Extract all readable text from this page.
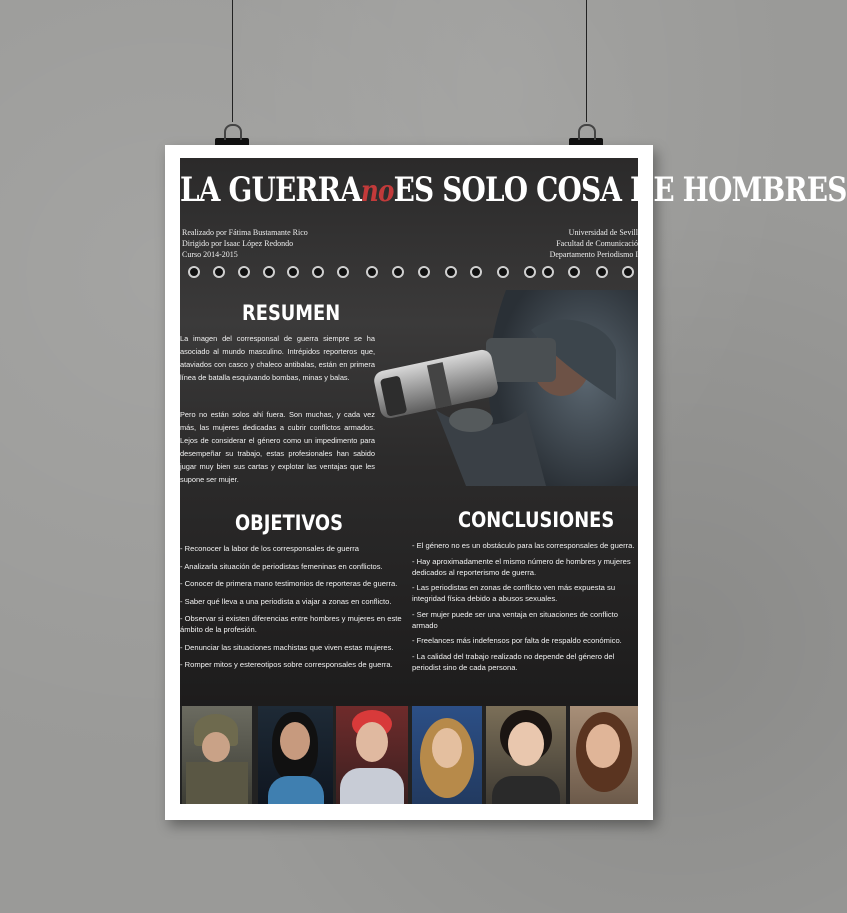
LA GUERRAnoES SOLO COSA DE HOMBRES
Realizado por Fátima Bustamante Rico
Dirigido por Isaac López Redondo
Curso 2014-2015
Universidad de Sevill
Facultad de Comunicació
Departamento Periodismo I
RESUMEN
La imagen del corresponsal de guerra siempre se ha asociado al mundo masculino. Intrépidos reporteros que, ataviados con casco y chaleco antibalas, están en primera línea de batalla esquivando bombas, minas y balas.
Pero no están solos ahí fuera. Son muchas, y cada vez más, las mujeres dedicadas a cubrir conflictos armados. Lejos de considerar el género como un impedimento para desempeñar su trabajo, estas profesionales han sabido jugar muy bien sus cartas y explotar las ventajas que les supone ser mujer.
OBJETIVOS
- Reconocer la labor de los corresponsales de guerra
- Analizarla situación de periodistas femeninas en conflictos.
- Conocer de primera mano testimonios de reporteras de guerra.
- Saber qué lleva a una periodista a viajar a zonas en conflicto.
- Observar si existen diferencias entre hombres y mujeres en este ámbito de la profesión.
- Denunciar las situaciones machistas que viven estas mujeres.
- Romper mitos y estereotipos sobre corresponsales de guerra.
CONCLUSIONES
- El género no es un obstáculo para las corresponsales de guerra.
- Hay aproximadamente el mismo número de hombres y mujeres dedicados al reporterismo de guerra.
- Las periodistas en zonas de conflicto ven más expuesta su integridad física debido a abusos sexuales.
- Ser mujer puede ser una ventaja en situaciones de conflicto armado
- Freelances más indefensos por falta de respaldo económico.
- La calidad del trabajo realizado no depende del género del periodist sino de cada persona.
